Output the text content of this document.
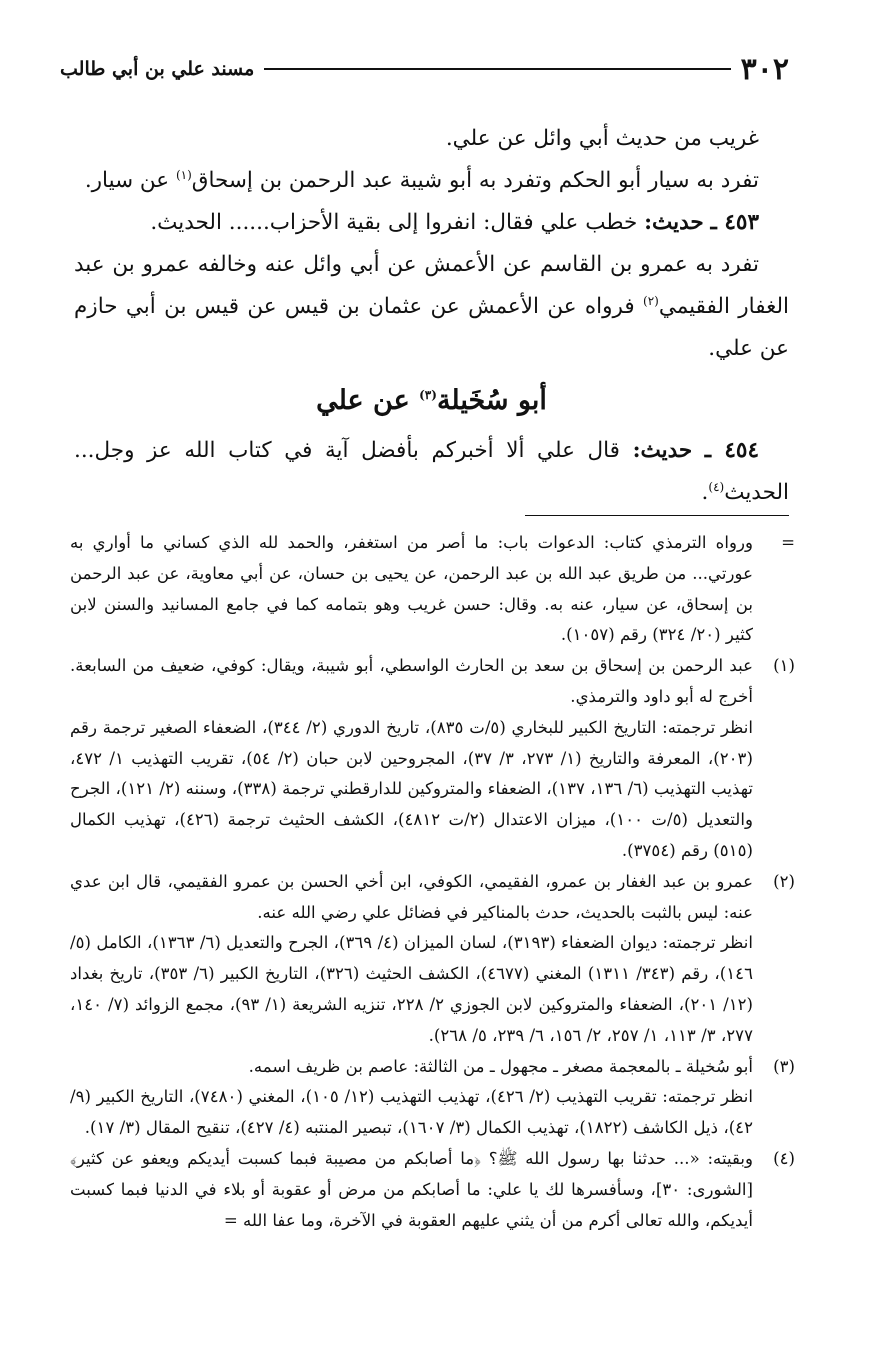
٣٠٢
مسند علي بن أبي طالب

غريب من حديث أبي وائل عن علي.

تفرد به سيار أبو الحكم وتفرد به أبو شيبة عبد الرحمن بن إسحاق$^{(١)}$ عن سيار.

٤٥٣ ـ حديث: خطب علي فقال: انفروا إلى بقية الأحزاب...... الحديث.

تفرد به عمرو بن القاسم عن الأعمش عن أبي وائل عنه وخالفه عمرو بن عبد الغفار الفقيمي$^{(٢)}$ فرواه عن الأعمش عن عثمان بن قيس عن قيس بن أبي حازم عن علي.

أبو سُخَيلة$^{(٣)}$ عن علي

٤٥٤ ـ حديث: قال علي ألا أخبركم بأفضل آية في كتاب الله عز وجل... الحديث$^{(٤)}$.

=

ورواه الترمذي كتاب: الدعوات باب: ما أصر من استغفر، والحمد لله الذي كساني ما أواري به عورتي... من طريق عبد الله بن عبد الرحمن، عن يحيى بن حسان، عن أبي معاوية، عن عبد الرحمن بن إسحاق، عن سيار، عنه به. وقال: حسن غريب وهو بتمامه كما في جامع المسانيد والسنن لابن كثير (٢٠/ ٣٢٤) رقم (١٠٥٧).

(١)

عبد الرحمن بن إسحاق بن سعد بن الحارث الواسطي، أبو شيبة، ويقال: كوفي، ضعيف من السابعة. أخرج له أبو داود والترمذي.

انظر ترجمته: التاريخ الكبير للبخاري (٥/ت ٨٣٥)، تاريخ الدوري (٢/ ٣٤٤)، الضعفاء الصغير ترجمة رقم (٢٠٣)، المعرفة والتاريخ (١/ ٢٧٣، ٣/ ٣٧)، المجروحين لابن حبان (٢/ ٥٤)، تقريب التهذيب ١/ ٤٧٢، تهذيب التهذيب (٦/ ١٣٦، ١٣٧)، الضعفاء والمتروكين للدارقطني ترجمة (٣٣٨)، وسننه (٢/ ١٢١)، الجرح والتعديل (٥/ت ١٠٠)، ميزان الاعتدال (٢/ت ٤٨١٢)، الكشف الحثيث ترجمة (٤٢٦)، تهذيب الكمال (٥١٥) رقم (٣٧٥٤).

(٢)

عمرو بن عبد الغفار بن عمرو، الفقيمي، الكوفي، ابن أخي الحسن بن عمرو الفقيمي، قال ابن عدي عنه: ليس بالثبت بالحديث، حدث بالمناكير في فضائل علي رضي الله عنه.

انظر ترجمته: ديوان الضعفاء (٣١٩٣)، لسان الميزان (٤/ ٣٦٩)، الجرح والتعديل (٦/ ١٣٦٣)، الكامل (٥/ ١٤٦)، رقم (٣٤٣/ ١٣١١) المغني (٤٦٧٧)، الكشف الحثيث (٣٢٦)، التاريخ الكبير (٦/ ٣٥٣)، تاريخ بغداد (١٢/ ٢٠١)، الضعفاء والمتروكين لابن الجوزي ٢/ ٢٢٨، تنزيه الشريعة (١/ ٩٣)، مجمع الزوائد (٧/ ١٤٠، ٢٧٧، ٣/ ١١٣، ١/ ٢٥٧، ٢/ ١٥٦، ٦/ ٢٣٩، ٥/ ٢٦٨).

(٣)

أبو سُخيلة ـ بالمعجمة مصغر ـ مجهول ـ من الثالثة: عاصم بن ظريف اسمه.

انظر ترجمته: تقريب التهذيب (٢/ ٤٢٦)، تهذيب التهذيب (١٢/ ١٠٥)، المغني (٧٤٨٠)، التاريخ الكبير (٩/ ٤٢)، ذيل الكاشف (١٨٢٢)، تهذيب الكمال (٣/ ١٦٠٧)، تبصير المنتبه (٤/ ٤٢٧)، تنقيح المقال (٣/ ١٧).

(٤)

وبقيته: «... حدثنا بها رسول الله ﷺ؟ ﴿ما أصابكم من مصيبة فبما كسبت أيديكم ويعفو عن كثير﴾ [الشورى: ٣٠]، وسأفسرها لك يا علي: ما أصابكم من مرض أو عقوبة أو بلاء في الدنيا فبما كسبت أيديكم، والله تعالى أكرم من أن يثني عليهم العقوبة في الآخرة، وما عفا الله =
